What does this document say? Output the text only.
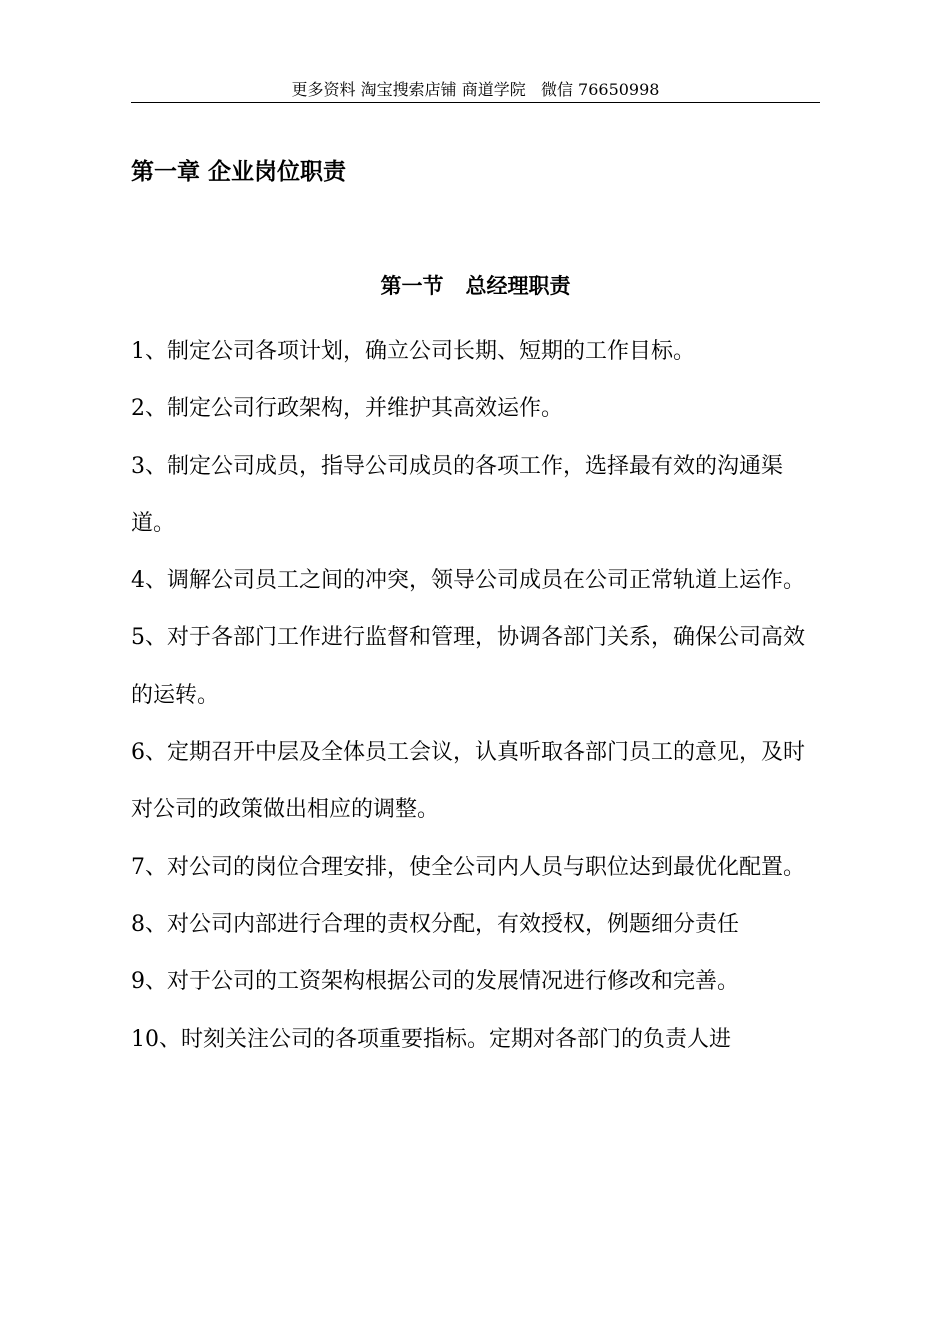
更多资料 淘宝搜索店铺 商道学院   微信 76650998
第一章 企业岗位职责
第一节   总经理职责
1、制定公司各项计划，确立公司长期、短期的工作目标。
2、制定公司行政架构，并维护其高效运作。
3、制定公司成员，指导公司成员的各项工作，选择最有效的沟通渠道。
4、调解公司员工之间的冲突，领导公司成员在公司正常轨道上运作。
5、对于各部门工作进行监督和管理，协调各部门关系，确保公司高效的运转。
6、定期召开中层及全体员工会议，认真听取各部门员工的意见，及时对公司的政策做出相应的调整。
7、对公司的岗位合理安排，使全公司内人员与职位达到最优化配置。
8、对公司内部进行合理的责权分配，有效授权，例题细分责任
9、对于公司的工资架构根据公司的发展情况进行修改和完善。
10、时刻关注公司的各项重要指标。定期对各部门的负责人进
